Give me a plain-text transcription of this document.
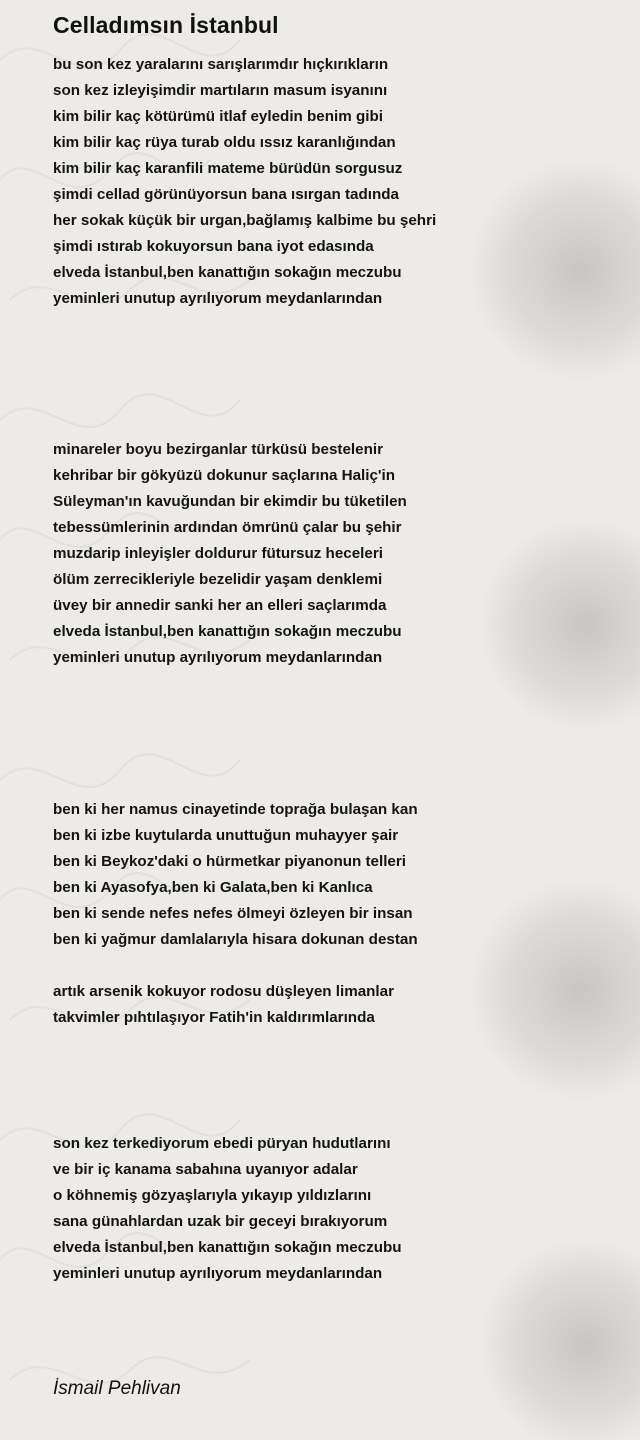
Celladımsın İstanbul
bu son kez yaralarını sarışlarımdır hıçkırıkların
son kez izleyişimdir martıların masum isyanını
kim bilir kaç kötürümü itlaf eyledin benim gibi
kim bilir kaç rüya turab oldu ıssız karanlığından
kim bilir kaç karanfili mateme bürüdün sorgusuz
şimdi cellad görünüyorsun bana ısırgan tadında
her sokak küçük bir urgan,bağlamış kalbime bu şehri
şimdi ıstırab kokuyorsun bana iyot edasında
elveda İstanbul,ben kanattığın sokağın meczubu
yeminleri unutup ayrılıyorum meydanlarından
minareler boyu bezirganlar türküsü bestelenir
kehribar bir gökyüzü dokunur saçlarına Haliç'in
Süleyman'ın kavuğundan bir ekimdir bu tüketilen
tebessümlerinin ardından ömrünü çalar bu şehir
muzdarip inleyişler doldurur fütursuz heceleri
ölüm zerrecikleriyle bezelidir yaşam denklemi
üvey bir annedir sanki her an elleri saçlarımda
elveda İstanbul,ben kanattığın sokağın meczubu
yeminleri unutup ayrılıyorum meydanlarından
ben ki her namus cinayetinde toprağa bulaşan kan
ben ki izbe kuytularda unuttuğun muhayyer şair
ben ki Beykoz'daki o hürmetkar piyanonun telleri
ben ki Ayasofya,ben ki Galata,ben ki Kanlıca
ben ki sende nefes nefes ölmeyi özleyen bir insan
ben ki yağmur damlalarıyla hisara dokunan destan
artık arsenik kokuyor rodosu düşleyen limanlar
takvimler pıhtılaşıyor Fatih'in kaldırımlarında
son kez terkediyorum ebedi püryan hudutlarını
ve bir iç kanama sabahına uyanıyor adalar
o köhnemiş gözyaşlarıyla yıkayıp yıldızlarını
sana günahlardan uzak bir geceyi bırakıyorum
elveda İstanbul,ben kanattığın sokağın meczubu
yeminleri unutup ayrılıyorum meydanlarından
İsmail Pehlivan
